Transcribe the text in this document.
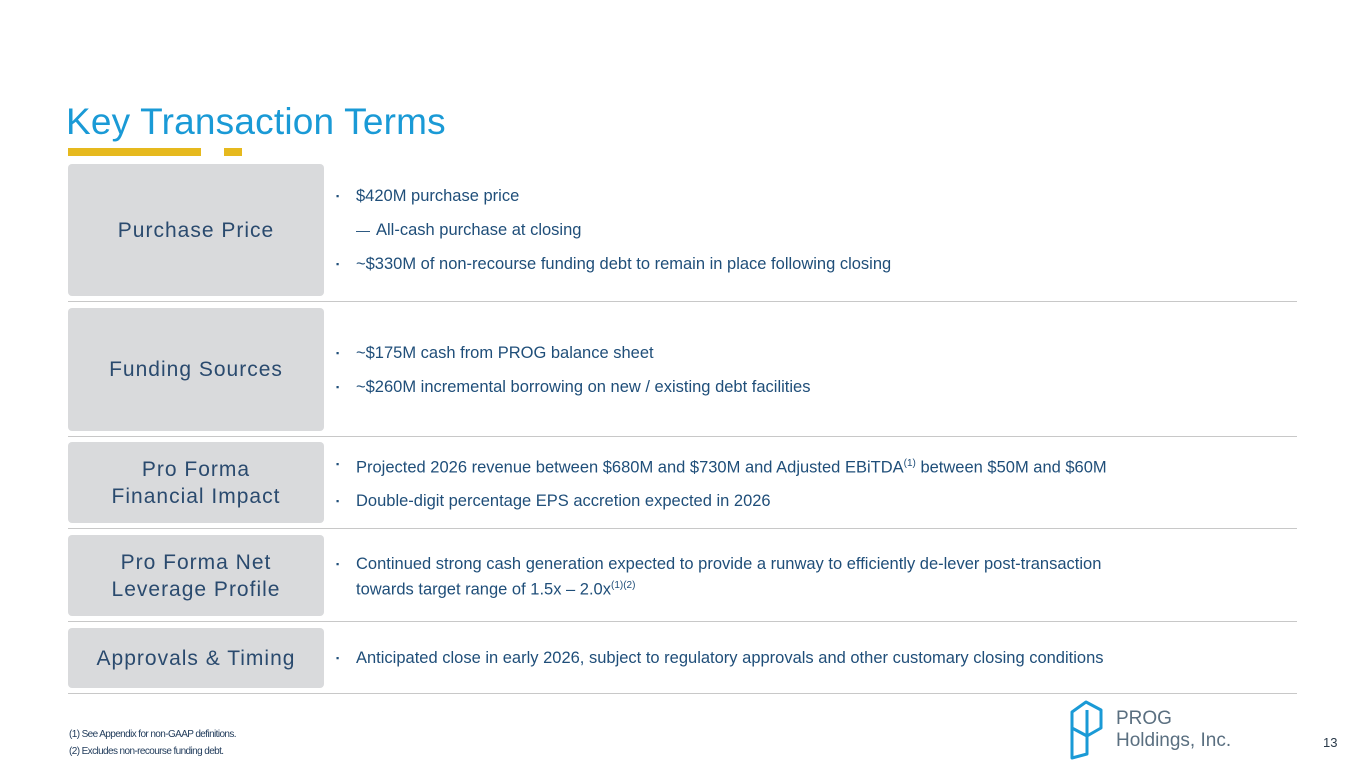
Key Transaction Terms
Purchase Price
▪	$420M purchase price
— All-cash purchase at closing
▪	~$330M of non-recourse funding debt to remain in place following closing
Funding Sources
▪	~$175M cash from PROG balance sheet
▪	~$260M incremental borrowing on new / existing debt facilities
Pro Forma
Financial Impact
▪	Projected 2026 revenue between $680M and $730M and Adjusted EBiTDA$^{(1)}$ between $50M and $60M
▪	Double-digit percentage EPS accretion expected in 2026
Pro Forma Net
Leverage Profile
▪	Continued strong cash generation expected to provide a runway to efficiently de-lever post-transaction
towards target range of $1.5x - 2.0x^{(1)(2)}$
Approvals & Timing	▪	Anticipated close in early 2026, subject to regulatory approvals and other customary closing conditions
(1) See Appendix for non-GAAP definitions.
(2) Excludes non-recourse funding debt.
PROG
Holdings, Inc.	13
